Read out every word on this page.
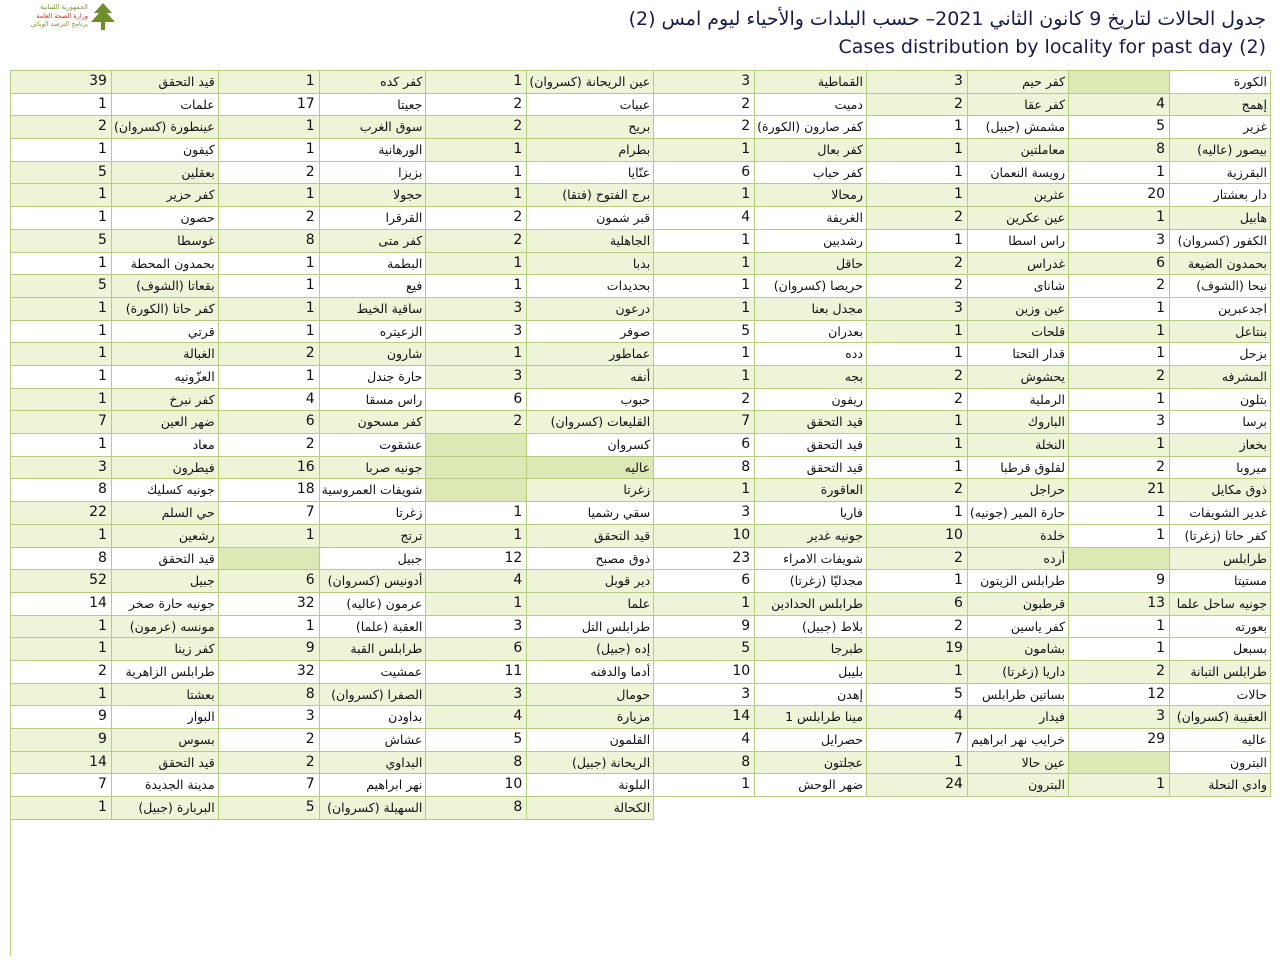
الجمهورية اللبنانية
وزارة الصحة العامة
برنامج الترصد الوبائي	جدول الحالات لتاريخ 9 كانون الثاني 2021– حسب البلدات والأحياء ليوم امس (2)
Cases distribution by locality for past day (2)
39	قيد التحقق	1	كفر كده	1 عين الريحانة (كسروان)	3	القماطية	3	كفر حيم	الكورة
1	علمات	17	جعيتا	2	عبيات	2	دميت	2	كفر عقا	4	إهمج
2 عينطورة (كسروان)	1	سوق الغرب	2	بريح	2 كفر صارون (الكورة)	1	مشمش (جبيل)	5	غزير
1	كيفون	1	الورهانية	1	بطرام	1	كفر بعال	1	معاملتين	8	بيصور (عاليه)
5	بعقلين	2	بزيزا	1	عنّايا	6	كفر حباب	1	رويسة النعمان	1	البقرزية
1	كفر حزير	1	حجولا	1	برج الفتوح (فتقا)	1	رمحالا	1	عثرين	20	دار بعشتار
1	حصون	2	القرقرا	2	قبر شمون	4	الغريفة	2	عين عكرين	1	هابيل
5	غوسطا	8	كفر متى	2	الجاهلية	1	رشدبين	1	راس اسطا	3	الكفور (كسروان)
1	بحمدون المحطة	1	البطمة	1	بدبا	1	حاقل	2	غدراس	6	بحمدون الضيعة
5	بقعاتا (الشوف)	1	فيع	1	بحديدات	1	حريصا (كسروان)	2	شانای	2	نيحا (الشوف)
1	كفر حاتا (الكورة)	1	ساقية الخيط	3	درعون	1	مجدل بعنا	3	عين وزين	1	اجدعبرين
1	قرتي	1	الزعيتره	3	صوفر	5	بعدران	1	قلحات	1	بنتاعل
1	الغبالة	2	شارون	1	عماطور	1	دده	1	قدار التحتا	1	بزحل
1	العزّونيه	1	حارة جندل	3	أنفه	1	بجه	2	يحشوش	2	المشرفه
1	كفر نبرخ	4	راس مسقا	6	حبوب	2	ريفون	2	الرملية	1	بتلون
7	ضهر العين	6	كفر مسحون	2	القليعات (كسروان)	7	قيد التحقق	1	الباروك	3	برسا
1	معاد	2	عشقوت	كسروان	6	قيد التحقق	1	النخلة	1	بخعاز
3	فيطرون	16	جونيه صربا	عاليه	8	قيد التحقق	1	لقلوق قرطبا	2	ميروبا
8	جونيه كسليك	18 شويفات العمروسية	زغرتا	1	العاقورة	2	حراجل	21	ذوق مكايل
22	حي السلم	7	زغرتا	1	سقي رشميا	3	فاريا	1 حارة المير (جونيه)	1	غدير الشويفات
1	رشعين	1	ترتج	1	قيد التحقق	10	جونيه غدير	10	خلدة	1	كفر حاتا (زغرتا)
8	قيد التحقق	جبيل	12	ذوق مصبح	23	شويفات الامراء	2	أرده	طرابلس
52	جبيل	6	أدونيس (كسروان)	4	دير قوبل	6	مجدليّا (زغرتا)	1	طرابلس الزيتون	9	مستيتا
14	جونيه حارة صخر	32	عرمون (عاليه)	1	علما	1	طرابلس الحدادين	6	قرطبون	13 جونيه ساحل علما
1	مونسه (عرمون)	1	العقبة (علما)	3	طرابلس التل	9	بلاط (جبيل)	2	كفر ياسين	1	بعورته
1	كفر زينا	9	طرابلس القبة	6	إده (جبيل)	5	طبرجا	19	بشامون	1	بسبعل
2	طرابلس الزاهرية	32	عمشيت	11	أدما والدفنه	10	بليبل	1	داريا (زغرتا)	2	طرابلس التبانة
1	بعشتا	8	الصفرا (كسروان)	3	حومال	3	إهدن	5	بساتين طرابلس	12	حالات
9	البوار	3	بداودن	4	مزيارة	14	مينا طرابلس 1	4	فيدار	3 العقيبة (كسروان)
9	بسوس	2	عشاش	5	القلمون	4	حصرايل	7 خرايب نهر ابراهيم	29	عاليه
14	قيد التحقق	2	البداوي	8	الريحانة (جبيل)	8	عجلتون	1	عين حالا	البترون
7	مدينة الجديدة	7	نهر ابراهيم	10	البلونة	1	ضهر الوحش	24	البترون	1	وادي النحلة
1	البربارة (جبيل)	5 السهيلة (كسروان)	8	الكحالة
